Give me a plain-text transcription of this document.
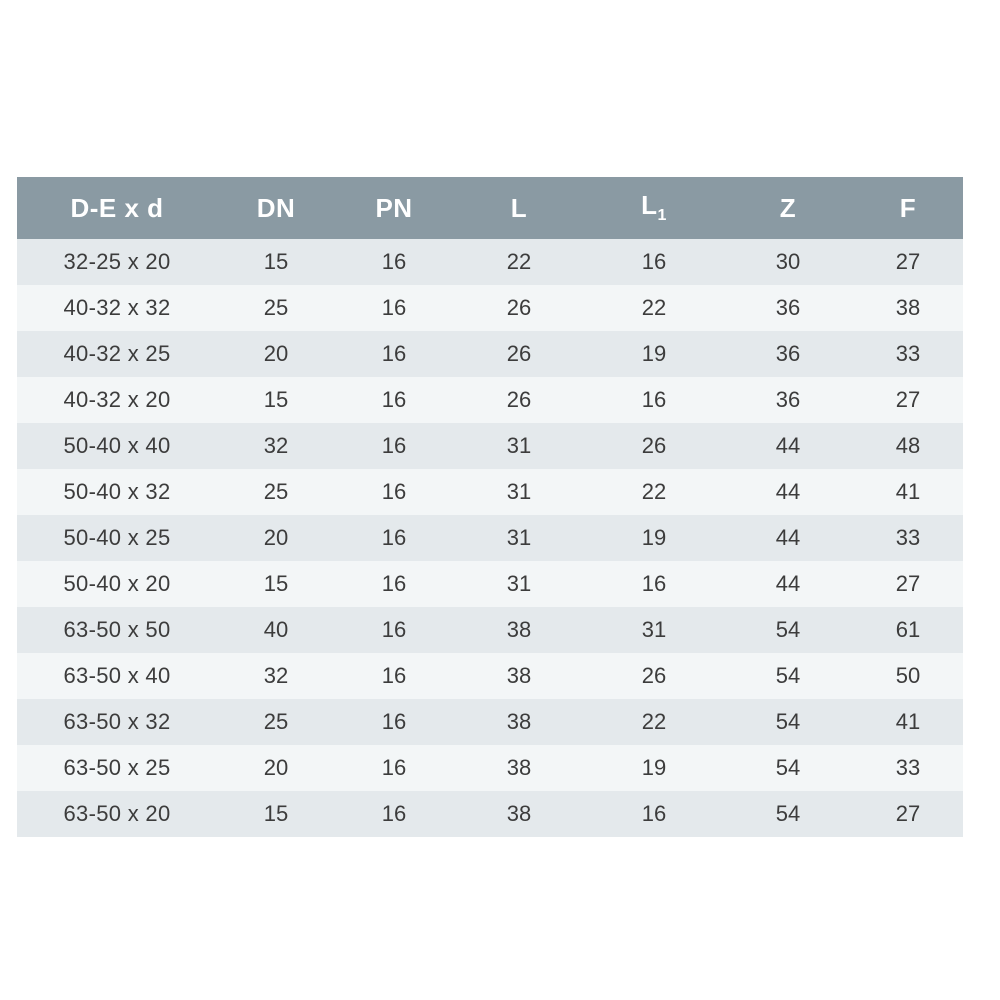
D-E x d	DN	PN	L	$L_1$	Z	F
32-25 x 20	15	16	22	16	30	27
40-32 x 32	25	16	26	22	36	38
40-32 x 25	20	16	26	19	36	33
40-32 x 20	15	16	26	16	36	27
50-40 x 40	32	16	31	26	44	48
50-40 x 32	25	16	31	22	44	41
50-40 x 25	20	16	31	19	44	33
50-40 x 20	15	16	31	16	44	27
63-50 x 50	40	16	38	31	54	61
63-50 x 40	32	16	38	26	54	50
63-50 x 32	25	16	38	22	54	41
63-50 x 25	20	16	38	19	54	33
63-50 x 20	15	16	38	16	54	27
